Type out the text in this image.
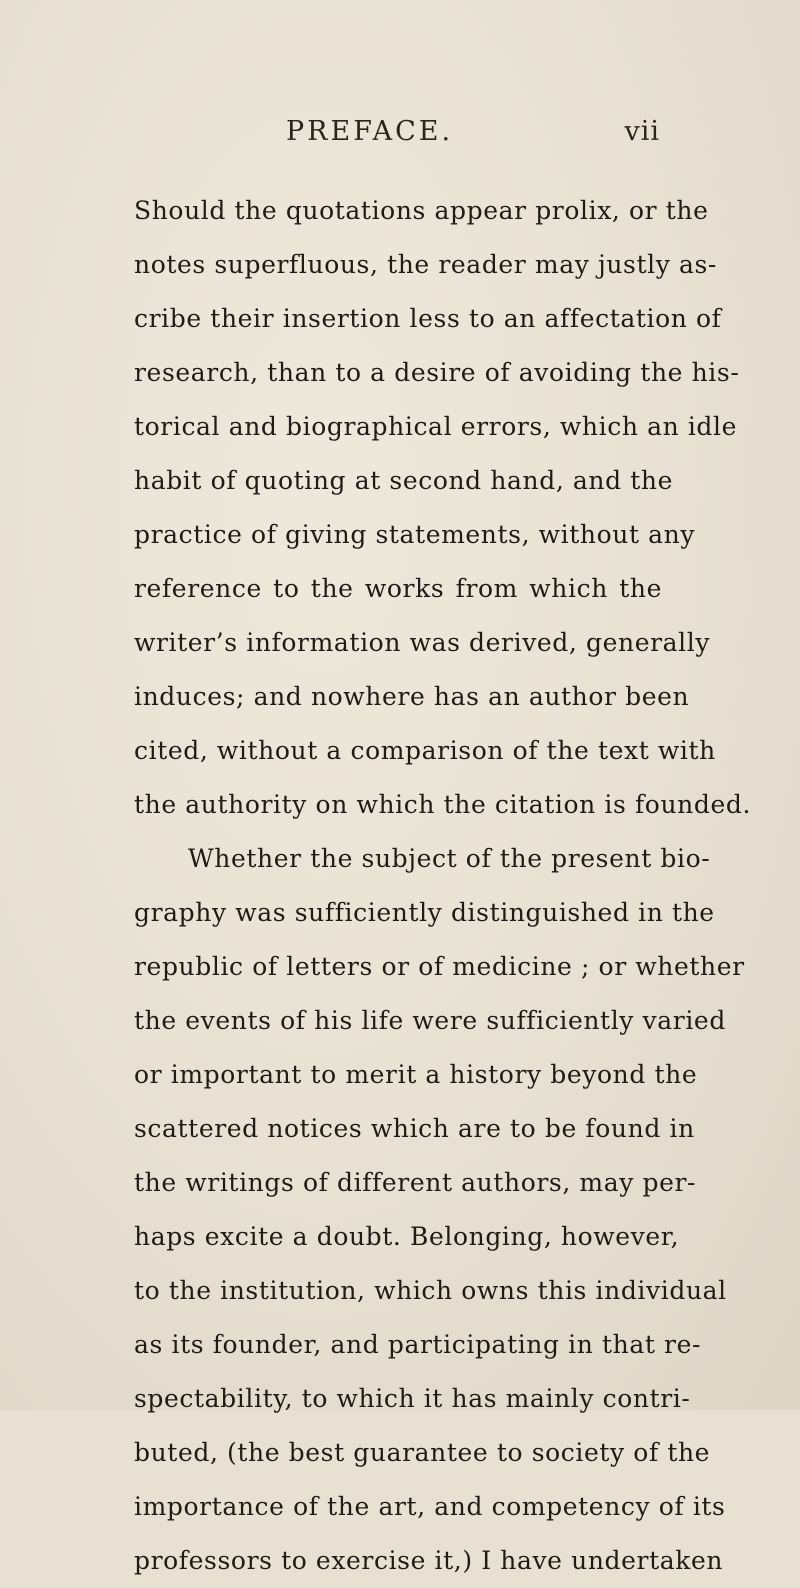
PREFACE.	vii
Should the quotations appear prolix, or the
notes superfluous, the reader may justly as-
cribe their insertion less to an affectation of
research, than to a desire of avoiding the his-
torical and biographical errors, which an idle
habit of quoting at second hand, and the
practice of giving statements, without any
reference to the works from which the
writer’s information was derived, generally
induces; and nowhere has an author been
cited, without a comparison of the text with
the authority on which the citation is founded.
Whether the subject of the present bio-
graphy was sufficiently distinguished in the
republic of letters or of medicine ; or whether
the events of his life were sufficiently varied
or important to merit a history beyond the
scattered notices which are to be found in
the writings of different authors, may per-
haps excite a doubt. Belonging, however,
to the institution, which owns this individual
as its founder, and participating in that re-
spectability, to which it has mainly contri-
buted, (the best guarantee to society of the
importance of the art, and competency of its
professors to exercise it,) I have undertaken
